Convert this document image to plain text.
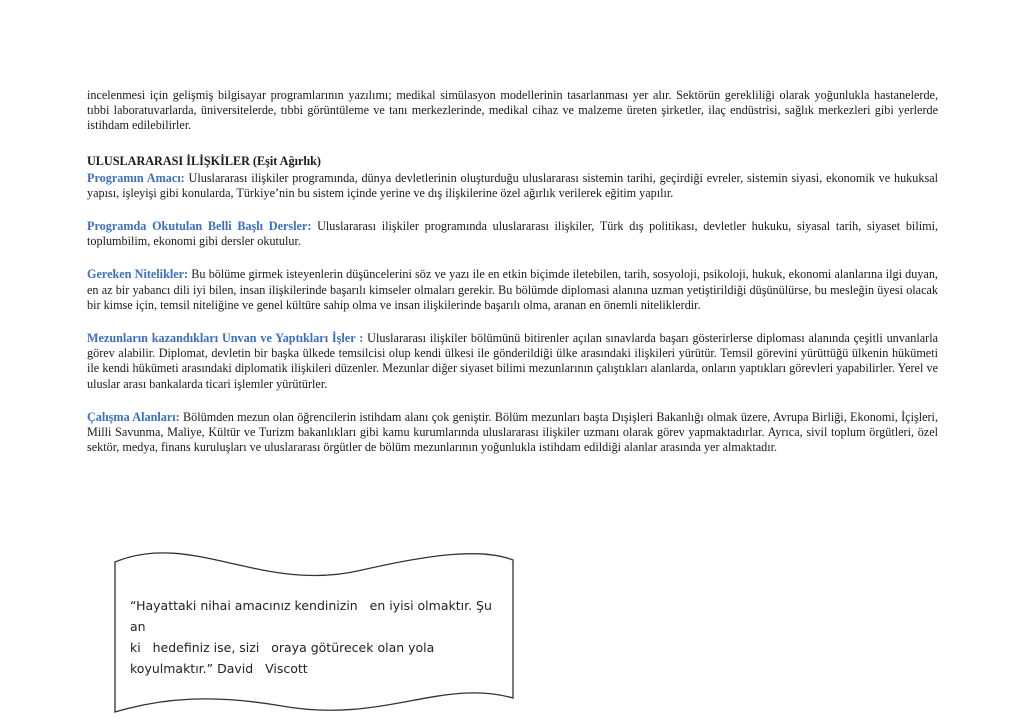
incelenmesi için gelişmiş bilgisayar programlarının yazılımı; medikal simülasyon modellerinin tasarlanması yer alır. Sektörün gerekliliği olarak yoğunlukla hastanelerde, tıbbi laboratuvarlarda, üniversitelerde, tıbbi görüntüleme ve tanı merkezlerinde, medikal cihaz ve malzeme üreten şirketler, ilaç endüstrisi, sağlık merkezleri gibi yerlerde istihdam edilebilirler.

ULUSLARARASI İLİŞKİLER (Eşit Ağırlık)

Programın Amacı: Uluslararası ilişkiler programında, dünya devletlerinin oluşturduğu uluslararası sistemin tarihi, geçirdiği evreler, sistemin siyasi, ekonomik ve hukuksal yapısı, işleyişi gibi konularda, Türkiye’nin bu sistem içinde yerine ve dış ilişkilerine özel ağırlık verilerek eğitim yapılır.

Programda Okutulan Belli Başlı Dersler: Uluslararası ilişkiler programında uluslararası ilişkiler, Türk dış politikası, devletler hukuku, siyasal tarih, siyaset bilimi, toplumbilim, ekonomi gibi dersler okutulur.

Gereken Nitelikler: Bu bölüme girmek isteyenlerin düşüncelerini söz ve yazı ile en etkin biçimde iletebilen, tarih, sosyoloji, psikoloji, hukuk, ekonomi alanlarına ilgi duyan, en az bir yabancı dili iyi bilen, insan ilişkilerinde başarılı kimseler olmaları gerekir. Bu bölümde diplomasi alanına uzman yetiştirildiği düşünülürse, bu mesleğin üyesi olacak bir kimse için, temsil niteliğine ve genel kültüre sahip olma ve insan ilişkilerinde başarılı olma, aranan en önemli niteliklerdir.

Mezunların kazandıkları Unvan ve Yaptıkları İşler : Uluslararası ilişkiler bölümünü bitirenler açılan sınavlarda başarı gösterirlerse diploması alanında çeşitli unvanlarla görev alabilir. Diplomat, devletin bir başka ülkede temsilcisi olup kendi ülkesi ile gönderildiği ülke arasındaki ilişkileri yürütür. Temsil görevini yürüttüğü ülkenin hükümeti ile kendi hükümeti arasındaki diplomatik ilişkileri düzenler. Mezunlar diğer siyaset bilimi mezunlarının çalıştıkları alanlarda, onların yaptıkları görevleri yapabilirler. Yerel ve uluslar arası bankalarda ticari işlemler yürütürler.

Çalışma Alanları: Bölümden mezun olan öğrencilerin istihdam alanı çok geniştir. Bölüm mezunları başta Dışişleri Bakanlığı olmak üzere, Avrupa Birliği, Ekonomi, İçişleri, Milli Savunma, Maliye, Kültür ve Turizm bakanlıkları gibi kamu kurumlarında uluslararası ilişkiler uzmanı olarak görev yapmaktadırlar. Ayrıca, sivil toplum örgütleri, özel sektör, medya, finans kuruluşları ve uluslararası örgütler de bölüm mezunlarının yoğunlukla istihdam edildiği alanlar arasında yer almaktadır.

“Hayattaki nihai amacınız kendinizin   en iyisi olmaktır. Şu an
ki   hedefiniz ise, sizi   oraya götürecek olan yola
koyulmaktır.” David   Viscott
